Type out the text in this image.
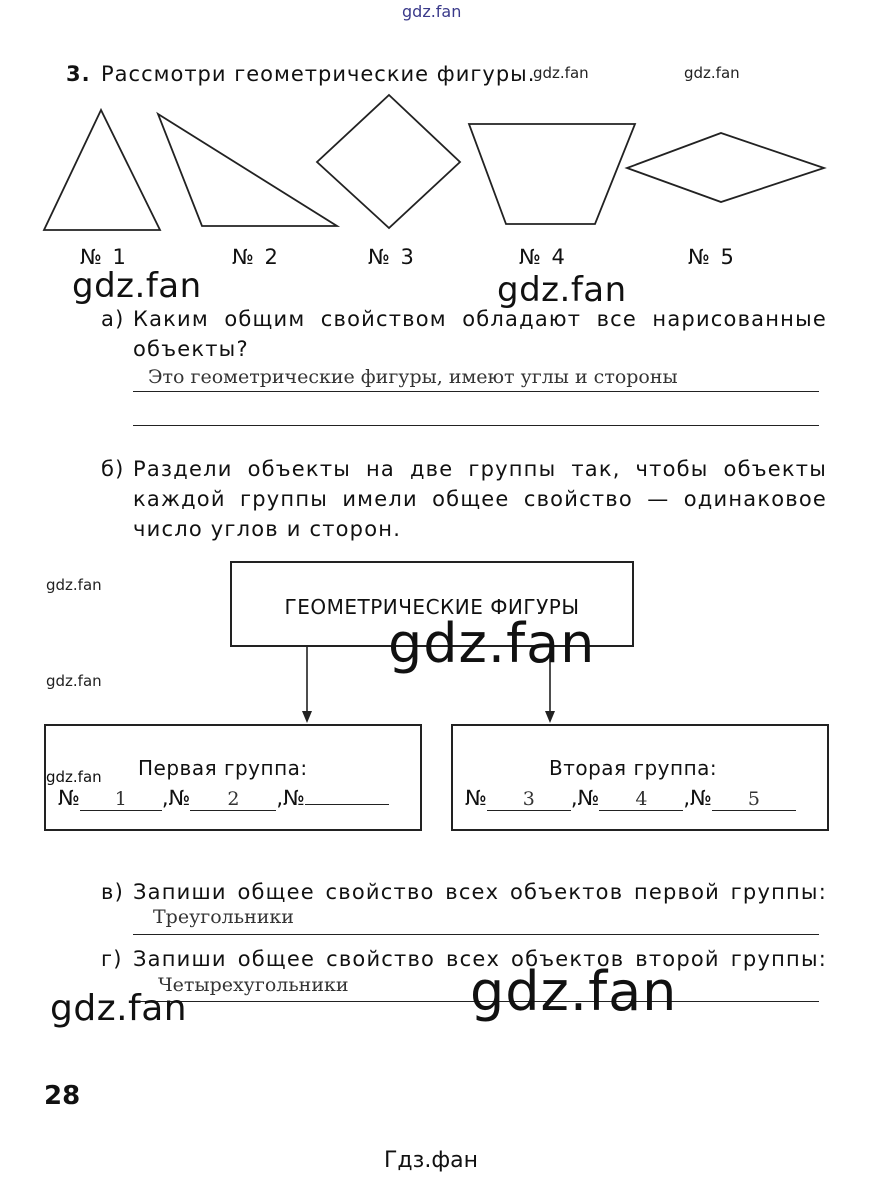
gdz.fan
3. Рассмотри геометрические фигуры.
gdz.fan	gdz.fan
№ 1	№ 2	№ 3	№ 4	№ 5
gdz.fan	gdz.fan
а) Каким общим свойством обладают все нарисованные
объекты?
Это геометрические фигуры, имеют углы и стороны
б) Раздели объекты на две группы так, чтобы объекты
каждой группы имели общее свойство — одинаковое
число углов и сторон.
gdz.fan
gdz.fan
ГЕОМЕТРИЧЕСКИЕ ФИГУРЫ
gdz.fan
Первая группа:
№ 1 ,№ 2 ,№
gdz.fan	Вторая группа:
№ 3 ,№ 4 ,№ 5
в) Запиши общее свойство всех объектов первой группы:
Треугольники
г) Запиши общее свойство всех объектов второй группы:
Четырехугольники
gdz.fan	gdz.fan
28
Гдз.фан
